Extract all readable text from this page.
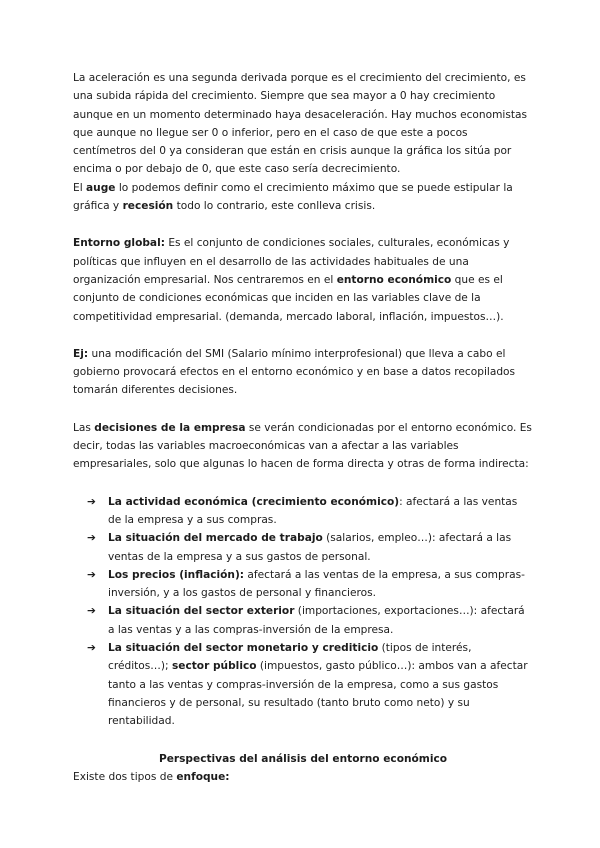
La aceleración es una segunda derivada porque es el crecimiento del crecimiento, es una subida rápida del crecimiento. Siempre que sea mayor a 0 hay crecimiento aunque en un momento determinado haya desaceleración. Hay muchos economistas que aunque no llegue ser 0 o inferior, pero en el caso de que este a pocos centímetros del 0 ya consideran que están en crisis aunque la gráfica los sitúa por encima o por debajo de 0, que este caso sería decrecimiento.

El auge lo podemos definir como el crecimiento máximo que se puede estipular la gráfica y recesión todo lo contrario, este conlleva crisis.

Entorno global: Es el conjunto de condiciones sociales, culturales, económicas y políticas que influyen en el desarrollo de las actividades habituales de una organización empresarial. Nos centraremos en el entorno económico que es el conjunto de condiciones económicas que inciden en las variables clave de la competitividad empresarial. (demanda, mercado laboral, inflación, impuestos…).

Ej: una modificación del SMI (Salario mínimo interprofesional) que lleva a cabo el gobierno provocará efectos en el entorno económico y en base a datos recopilados tomarán diferentes decisiones.

Las decisiones de la empresa se verán condicionadas por el entorno económico. Es decir, todas las variables macroeconómicas van a afectar a las variables empresariales, solo que algunas lo hacen de forma directa y otras de forma indirecta:

➔ La actividad económica (crecimiento económico): afectará a las ventas de la empresa y a sus compras.
➔ La situación del mercado de trabajo (salarios, empleo…): afectará a las ventas de la empresa y a sus gastos de personal.
➔ Los precios (inflación): afectará a las ventas de la empresa, a sus compras-inversión, y a los gastos de personal y financieros.
➔ La situación del sector exterior (importaciones, exportaciones…): afectará a las ventas y a las compras-inversión de la empresa.
➔ La situación del sector monetario y crediticio (tipos de interés, créditos…); sector público (impuestos, gasto público…): ambos van a afectar tanto a las ventas y compras-inversión de la empresa, como a sus gastos financieros y de personal, su resultado (tanto bruto como neto) y su rentabilidad.

Perspectivas del análisis del entorno económico

Existe dos tipos de enfoque:
